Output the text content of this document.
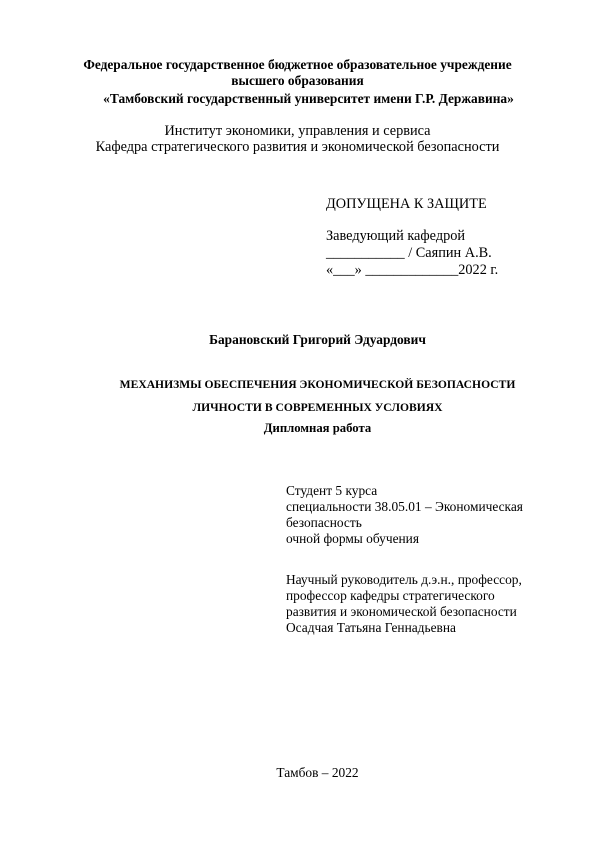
Федеральное государственное бюджетное образовательное учреждение

высшего образования

«Тамбовский государственный университет имени Г.Р. Державина»

Институт экономики, управления и сервиса

Кафедра стратегического развития и экономической безопасности

ДОПУЩЕНА К ЗАЩИТЕ

Заведующий кафедрой

___________ / Саяпин А.В.

«___» _____________2022 г.

Барановский Григорий Эдуардович

МЕХАНИЗМЫ ОБЕСПЕЧЕНИЯ ЭКОНОМИЧЕСКОЙ БЕЗОПАСНОСТИ

ЛИЧНОСТИ В СОВРЕМЕННЫХ УСЛОВИЯХ

Дипломная работа

Студент 5 курса

специальности 38.05.01 – Экономическая

безопасность

очной формы обучения

Научный руководитель д.э.н., профессор,

профессор кафедры стратегического

развития и экономической безопасности

Осадчая Татьяна Геннадьевна

Тамбов – 2022
